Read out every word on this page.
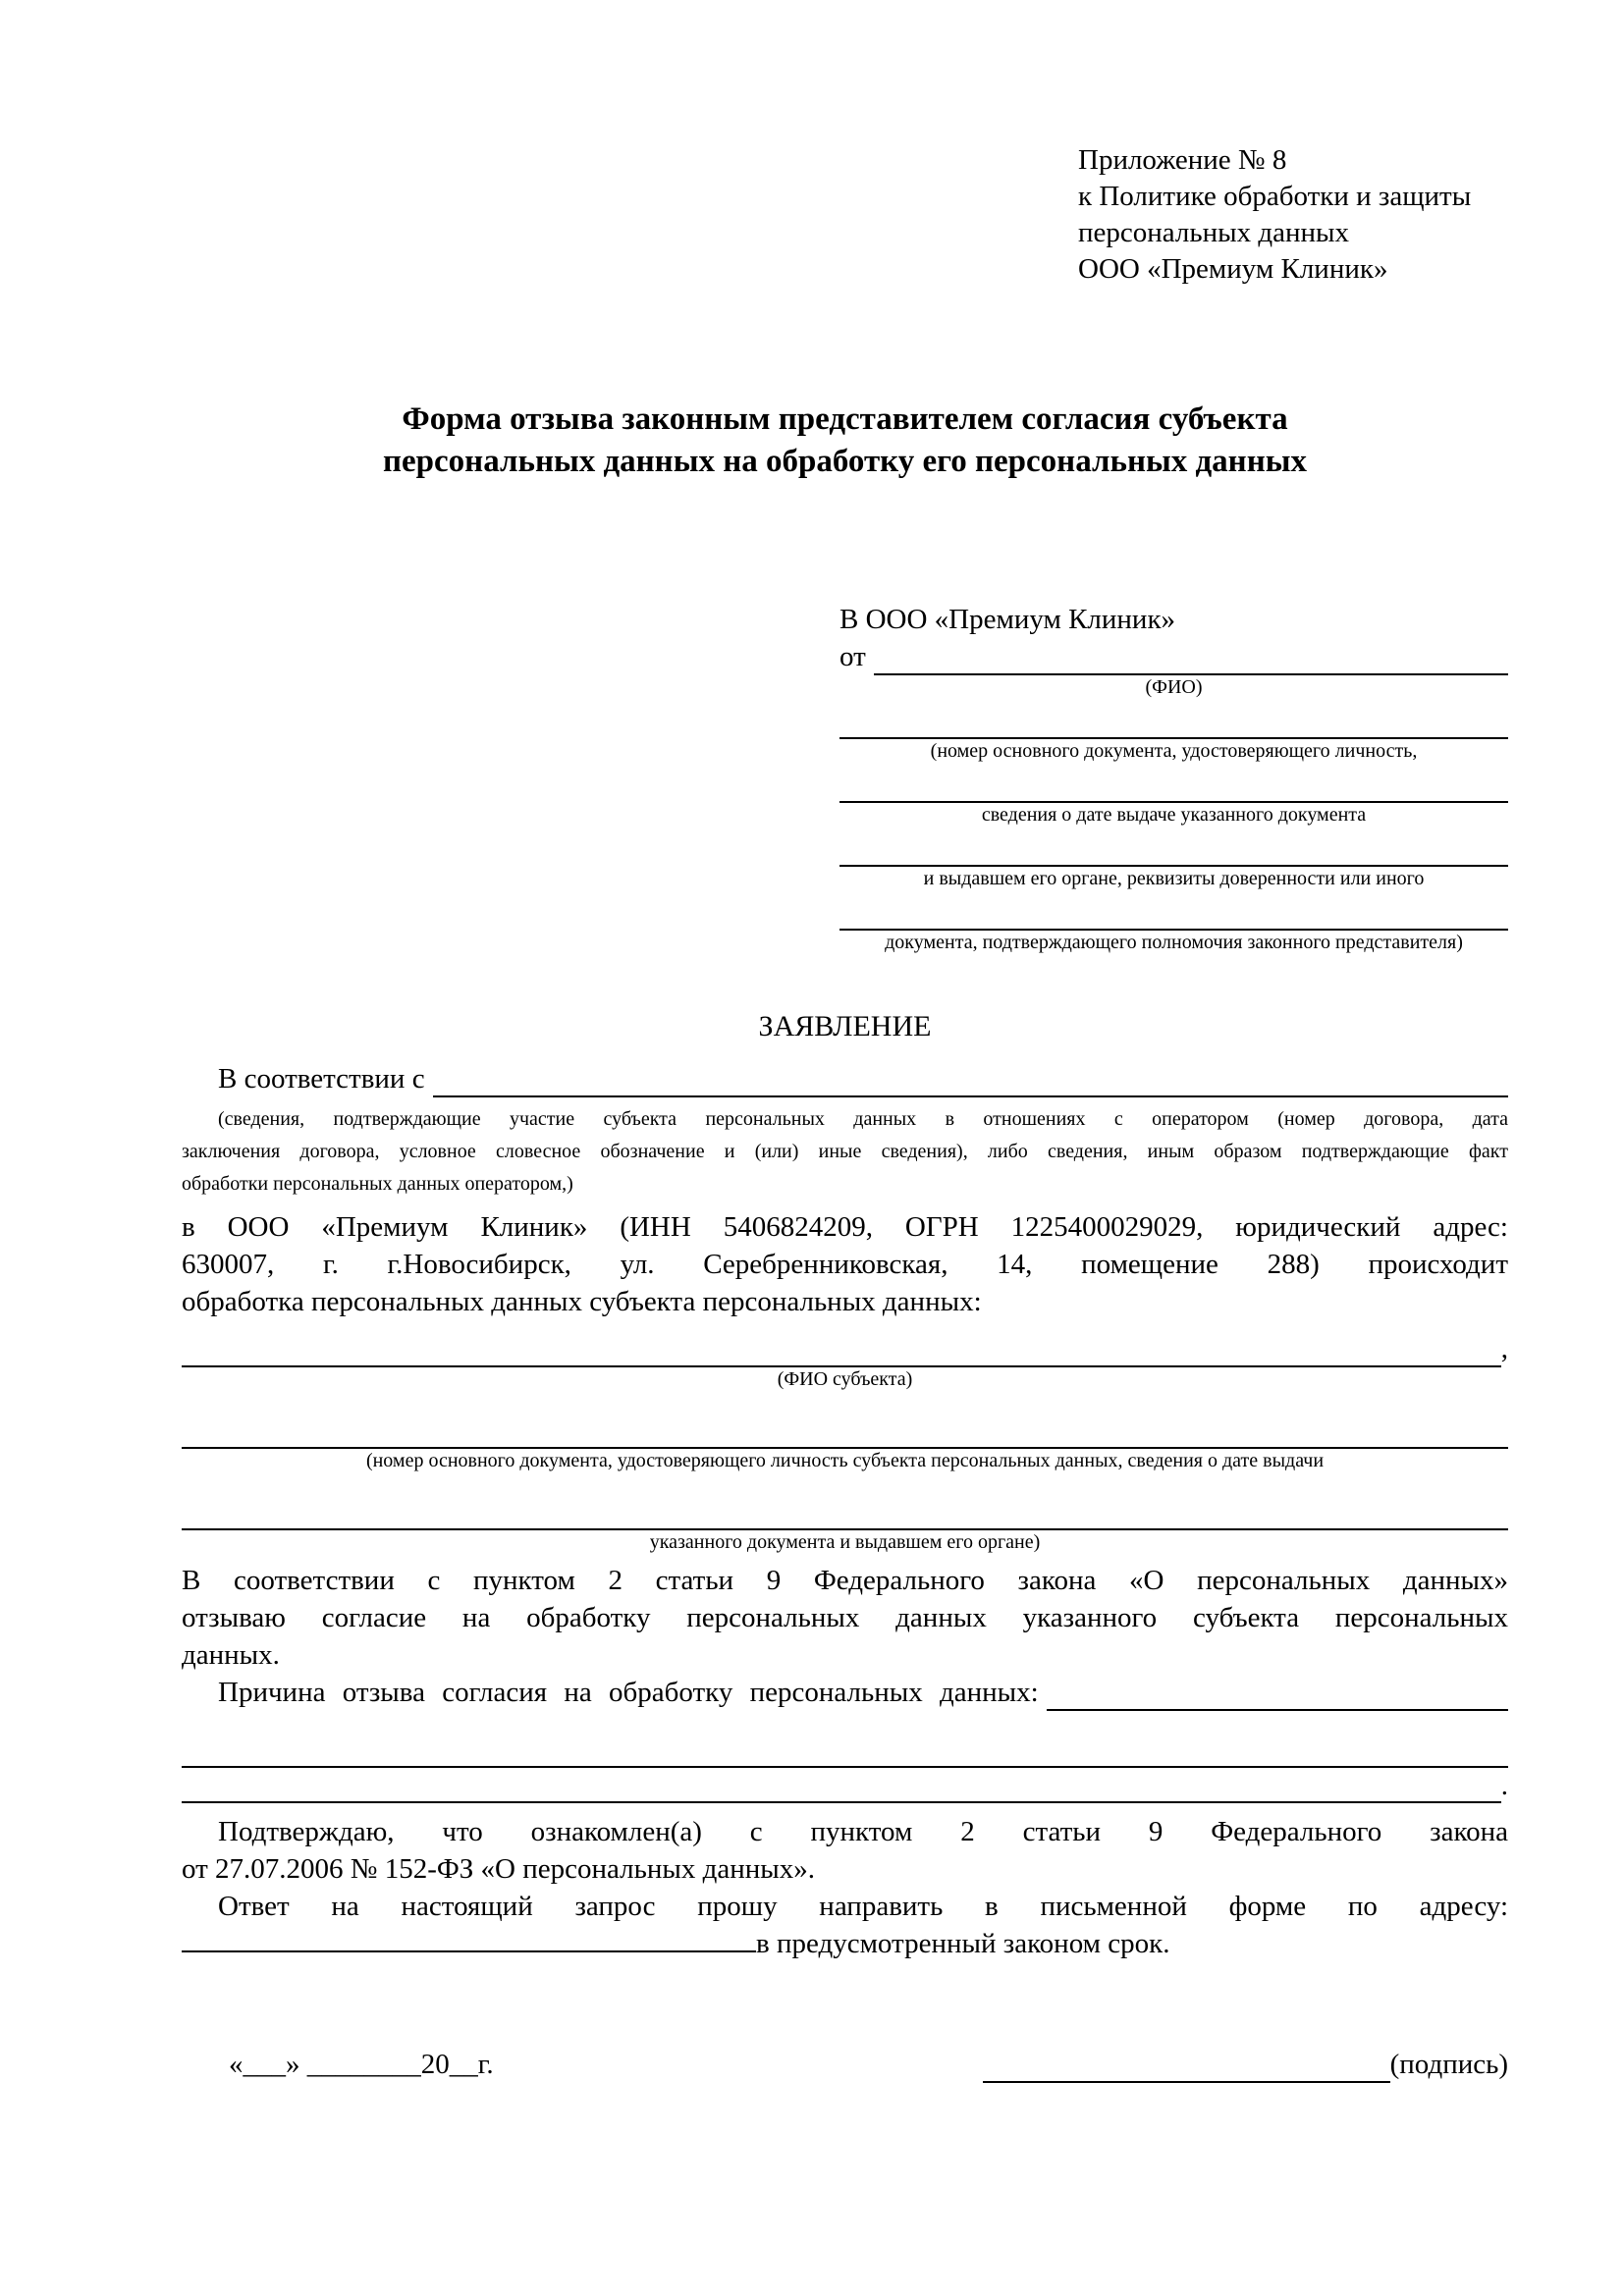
Приложение № 8
к Политике обработки и защиты
персональных данных
ООО «Премиум Клиник»
Форма отзыва законным представителем согласия субъекта персональных данных на обработку его персональных данных
В ООО «Премиум Клиник»
от
(ФИО)
(номер основного документа, удостоверяющего личность,
сведения о дате выдаче указанного документа
и выдавшем его органе, реквизиты доверенности или иного
документа, подтверждающего полномочия законного представителя)
ЗАЯВЛЕНИЕ
В соответствии с
(сведения, подтверждающие участие субъекта персональных данных в отношениях с оператором (номер договора, дата
заключения договора, условное словесное обозначение и (или) иные сведения), либо сведения, иным образом подтверждающие факт
обработки персональных данных оператором,)
в ООО «Премиум Клиник» (ИНН 5406824209, ОГРН 1225400029029, юридический адрес:
630007, г. г.Новосибирск, ул. Серебренниковская, 14, помещение 288) происходит
обработка персональных данных субъекта персональных данных:
,
(ФИО субъекта)
(номер основного документа, удостоверяющего личность субъекта персональных данных, сведения о дате выдачи
указанного документа и выдавшем его органе)
В соответствии с пунктом 2 статьи 9 Федерального закона «О персональных данных»
отзываю согласие на обработку персональных данных указанного субъекта персональных
данных.
Причина отзыва согласия на обработку персональных данных:
.
Подтверждаю, что ознакомлен(а) с пунктом 2 статьи 9 Федерального закона
от 27.07.2006 № 152-ФЗ «О персональных данных».
Ответ на настоящий запрос прошу направить в письменной форме по адресу:
в предусмотренный законом срок.
«___» ________20__г.	(подпись)
